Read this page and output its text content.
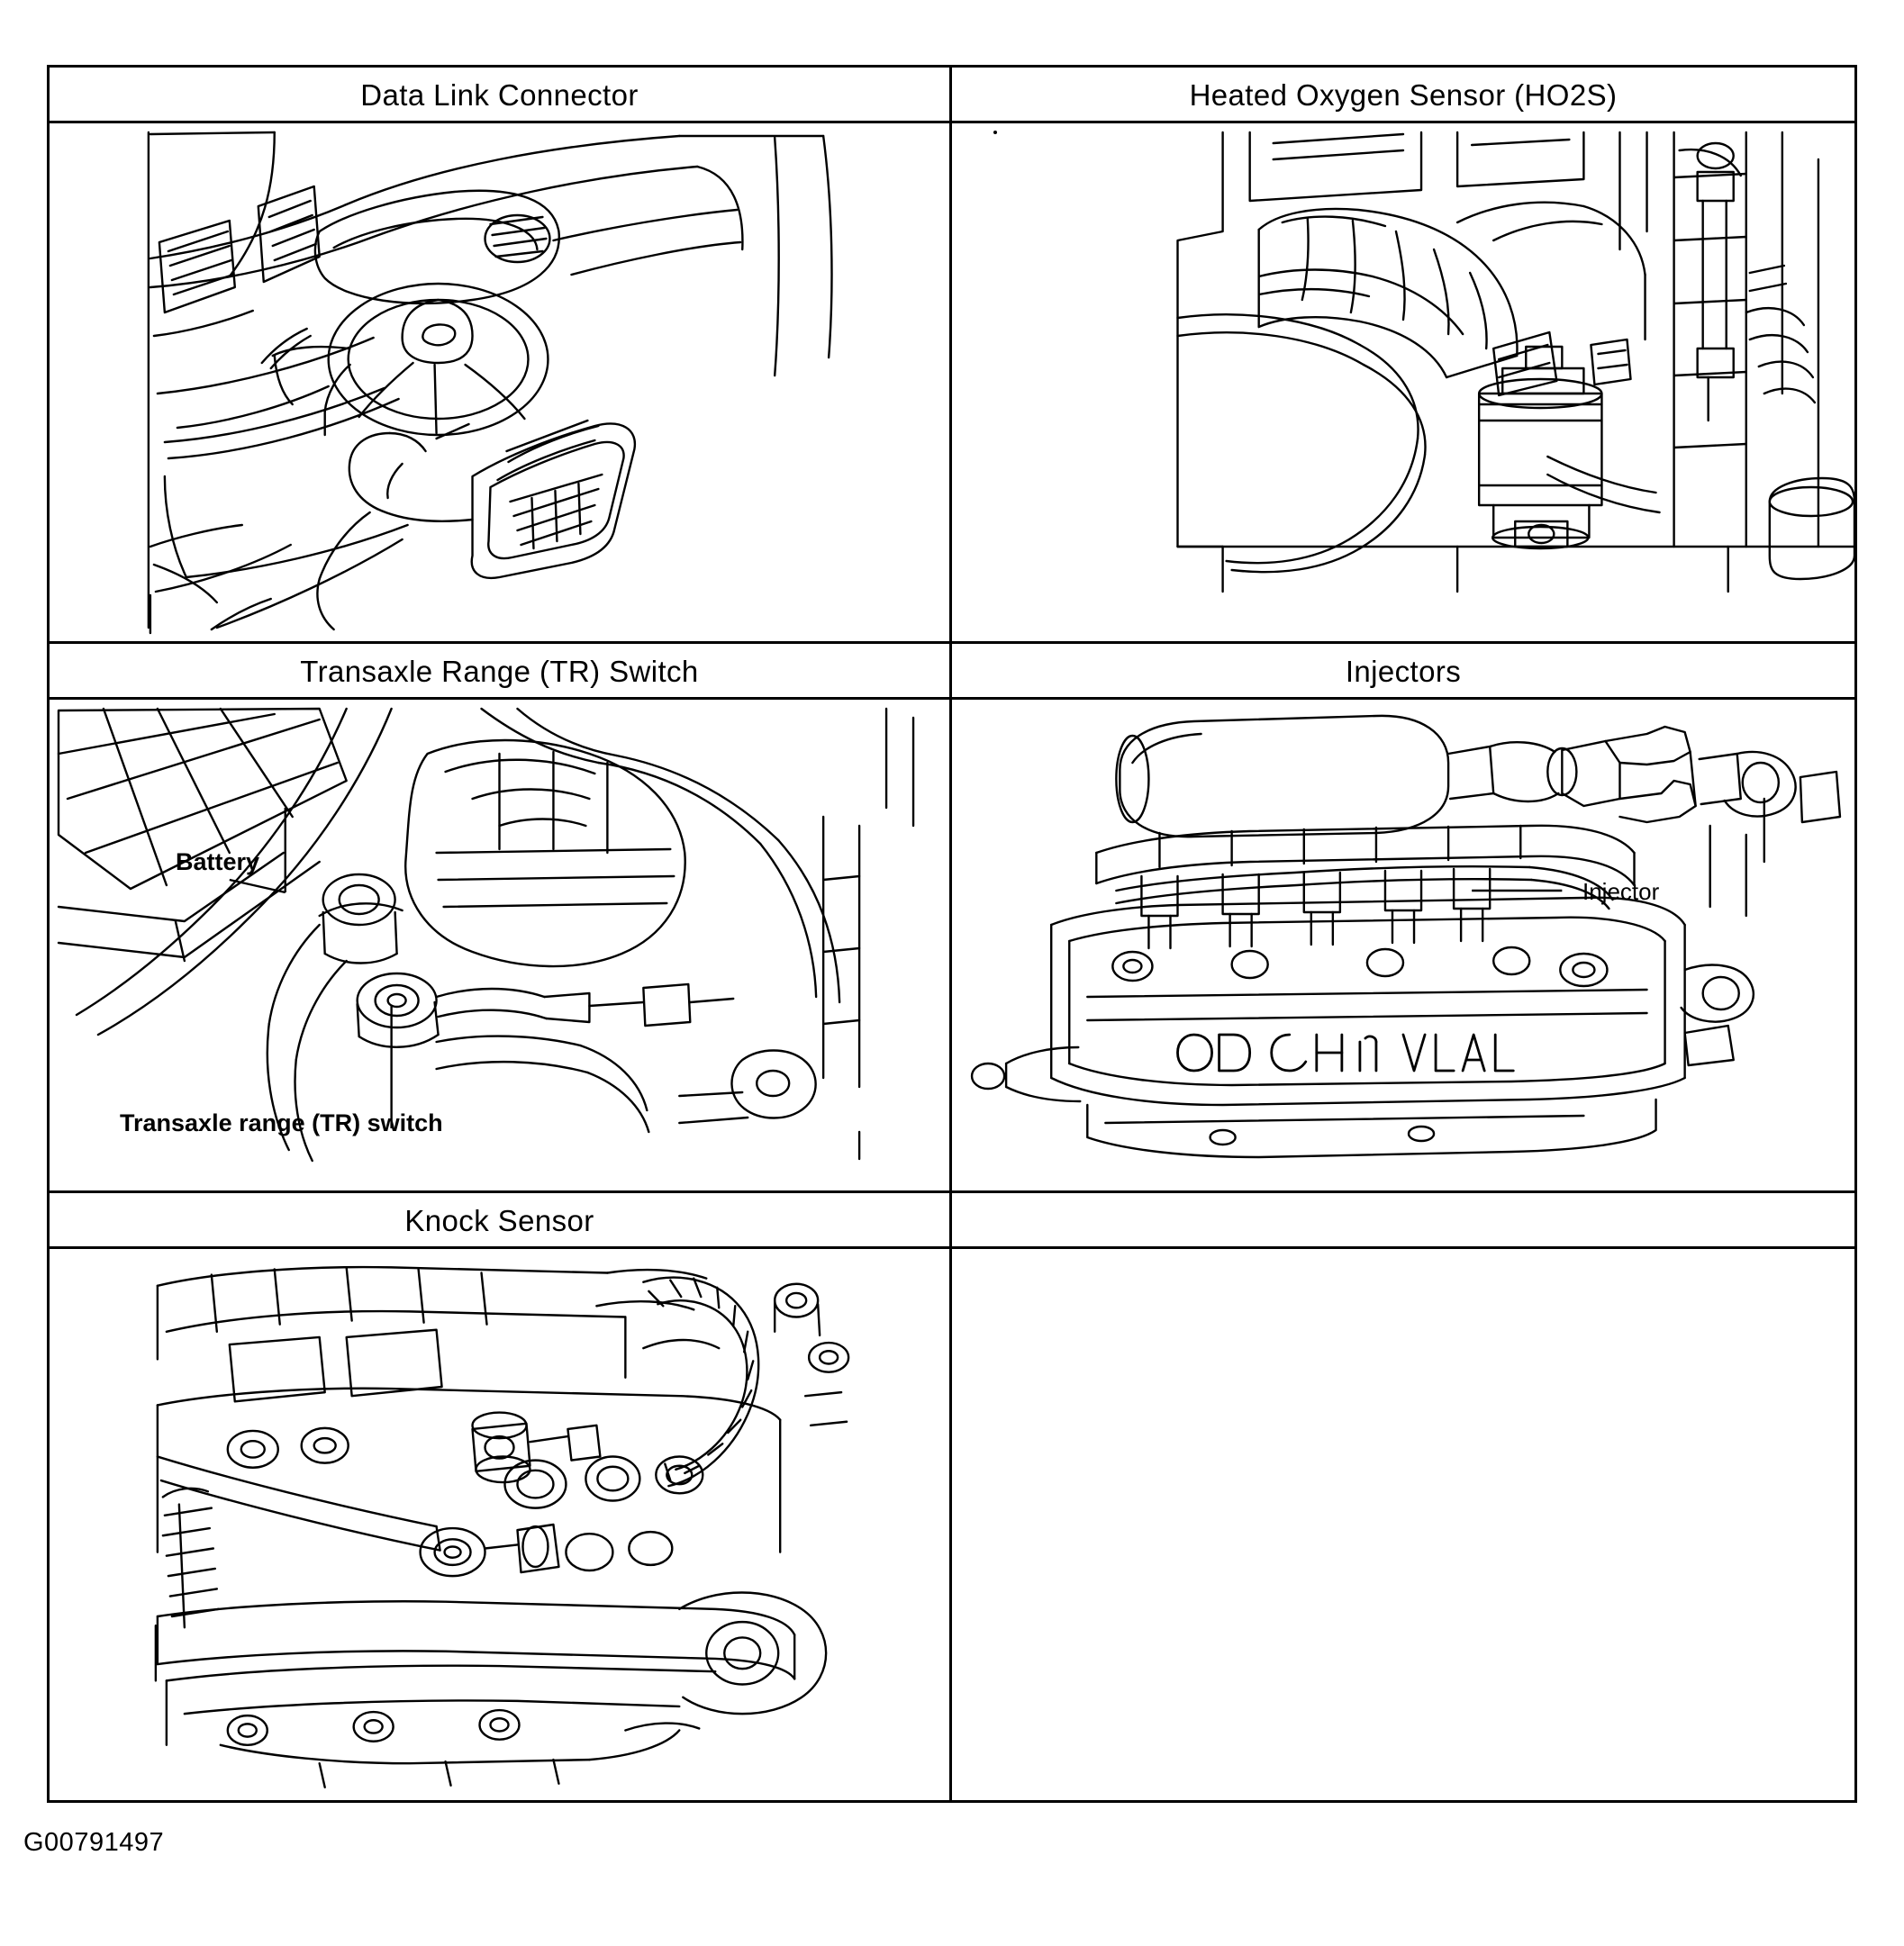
Data Link Connector	Heated Oxygen Sensor (HO2S)
Transaxle Range (TR) Switch
Battery
Transaxle range (TR) switch
Injectors
Injector
Knock Sensor
G00791497
